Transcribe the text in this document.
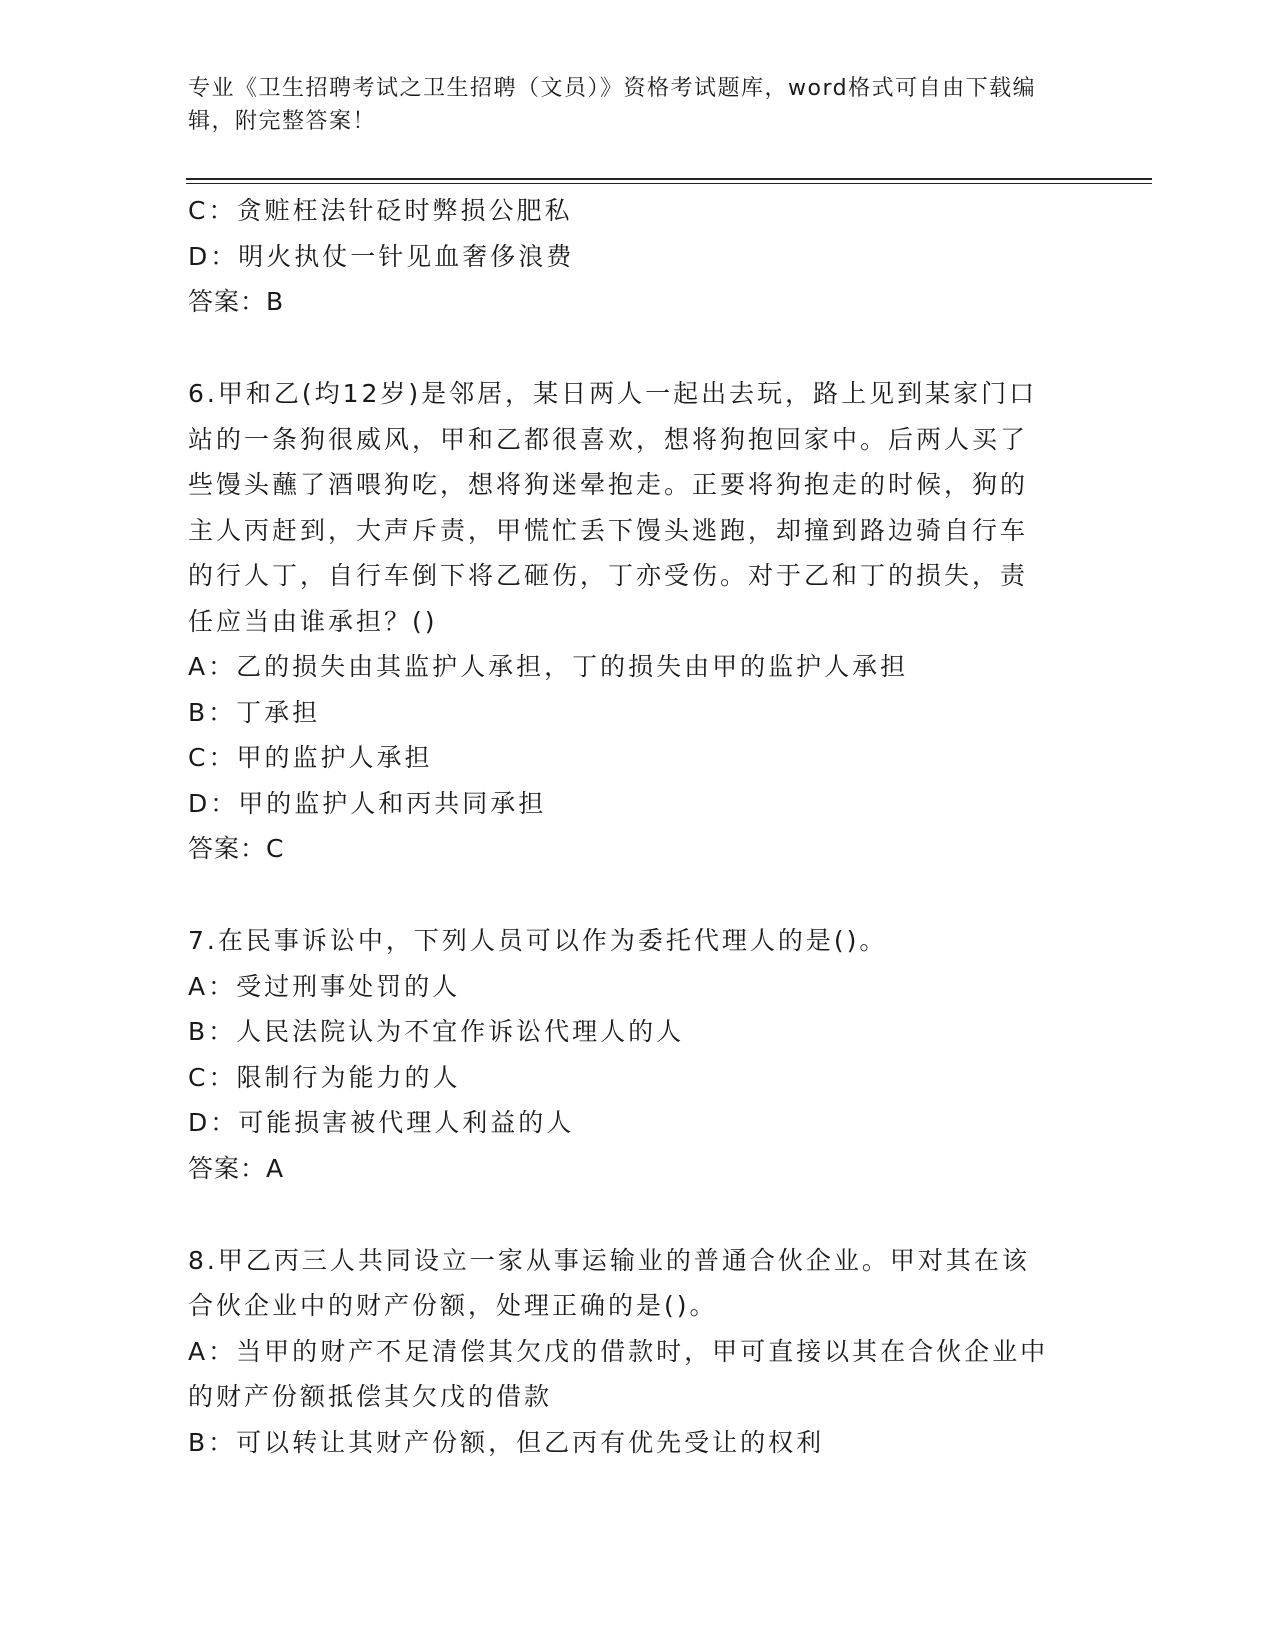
专业《卫生招聘考试之卫生招聘（文员）》资格考试题库，word格式可自由下载编辑，附完整答案！
C：贪赃枉法针砭时弊损公肥私
D：明火执仗一针见血奢侈浪费
答案：B
6.甲和乙(均12岁)是邻居，某日两人一起出去玩，路上见到某家门口
站的一条狗很威风，甲和乙都很喜欢，想将狗抱回家中。后两人买了
些馒头蘸了酒喂狗吃，想将狗迷晕抱走。正要将狗抱走的时候，狗的
主人丙赶到，大声斥责，甲慌忙丢下馒头逃跑，却撞到路边骑自行车
的行人丁，自行车倒下将乙砸伤，丁亦受伤。对于乙和丁的损失，责
任应当由谁承担？()
A：乙的损失由其监护人承担，丁的损失由甲的监护人承担
B：丁承担
C：甲的监护人承担
D：甲的监护人和丙共同承担
答案：C
7.在民事诉讼中，下列人员可以作为委托代理人的是()。
A：受过刑事处罚的人
B：人民法院认为不宜作诉讼代理人的人
C：限制行为能力的人
D：可能损害被代理人利益的人
答案：A
8.甲乙丙三人共同设立一家从事运输业的普通合伙企业。甲对其在该
合伙企业中的财产份额，处理正确的是()。
A：当甲的财产不足清偿其欠戊的借款时，甲可直接以其在合伙企业中
的财产份额抵偿其欠戊的借款
B：可以转让其财产份额，但乙丙有优先受让的权利
